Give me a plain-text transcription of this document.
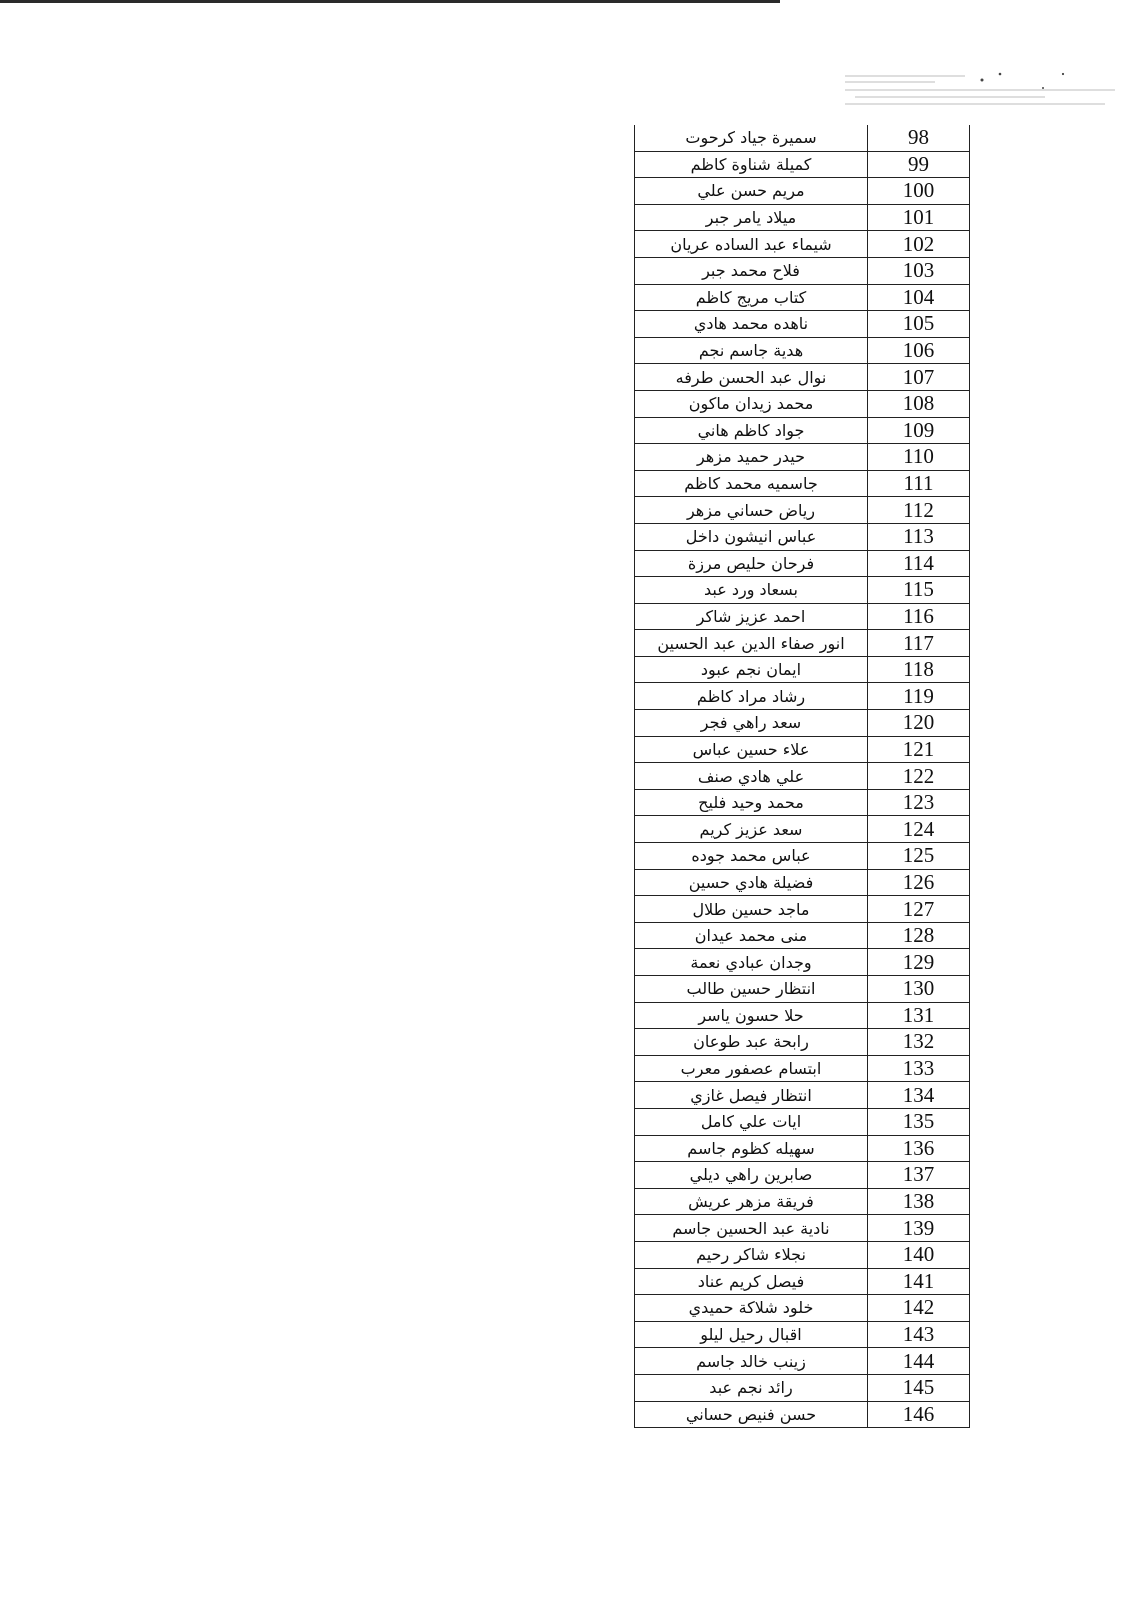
98	سميرة جياد كرحوت
99	كميلة شناوة كاظم
100	مريم حسن علي
101	ميلاد يامر جبر
102	شيماء عبد الساده عريان
103	فلاح محمد جبر
104	كتاب مريج كاظم
105	ناهده محمد هادي
106	هدية جاسم نجم
107	نوال عبد الحسن طرفه
108	محمد زيدان ماكون
109	جواد كاظم هاني
110	حيدر حميد مزهر
111	جاسميه محمد كاظم
112	رياض حساني مزهر
113	عباس انيشون داخل
114	فرحان حليص مرزة
115	بسعاد ورد عبد
116	احمد عزيز شاكر
117	انور صفاء الدين عبد الحسين
118	ايمان نجم عبود
119	رشاد مراد كاظم
120	سعد راهي فجر
121	علاء حسين عباس
122	علي هادي صنف
123	محمد وحيد فليح
124	سعد عزيز كريم
125	عباس محمد جوده
126	فضيلة هادي حسين
127	ماجد حسين طلال
128	منى محمد عيدان
129	وجدان عبادي نعمة
130	انتظار حسين طالب
131	حلا حسون ياسر
132	رابحة عبد طوعان
133	ابتسام عصفور معرب
134	انتظار فيصل غازي
135	ايات علي كامل
136	سهيله كظوم جاسم
137	صابرين راهي ديلي
138	فريقة مزهر عريش
139	نادية عبد الحسين جاسم
140	نجلاء شاكر رحيم
141	فيصل كريم عناد
142	خلود شلاكة حميدي
143	اقبال رحيل ليلو
144	زينب خالد جاسم
145	رائد نجم عبد
146	حسن فنيص حساني
